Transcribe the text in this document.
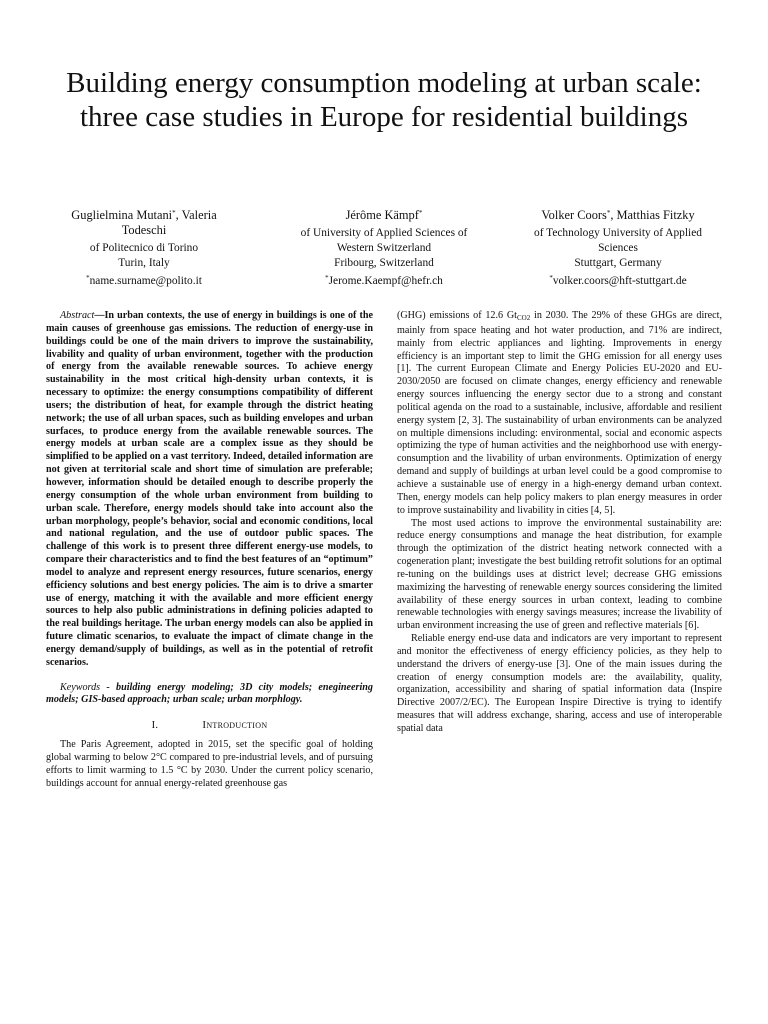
Building energy consumption modeling at urban scale: three case studies in Europe for residential buildings
Guglielmina Mutani*, Valeria Todeschi
of Politecnico di Torino
Turin, Italy
*name.surname@polito.it
Jérôme Kämpf*
of University of Applied Sciences of Western Switzerland
Fribourg, Switzerland
*Jerome.Kaempf@hefr.ch
Volker Coors*, Matthias Fitzky
of Technology University of Applied Sciences
Stuttgart, Germany
*volker.coors@hft-stuttgart.de

Abstract—In urban contexts, the use of energy in buildings is one of the main causes of greenhouse gas emissions. The reduction of energy-use in buildings could be one of the main drivers to improve the sustainability, livability and quality of urban environment, together with the production of energy from the available renewable sources. To achieve energy sustainability in the most critical high-density urban contexts, it is necessary to optimize: the energy consumptions compatibility of different users; the distribution of heat, for example through the district heating network; the use of all urban spaces, such as building envelopes and urban surfaces, to produce energy from the available renewable sources. The energy models at urban scale are a complex issue as they should be simplified to be applied on a vast territory. Indeed, detailed information are not given at territorial scale and short time of simulation are preferable; however, information should be detailed enough to describe properly the energy consumption of the whole urban environment from building to urban scale. Therefore, energy models should take into account also the urban morphology, people’s behavior, social and economic conditions, local and national regulation, and the use of outdoor public spaces. The challenge of this work is to present three different energy-use models, to compare their characteristics and to find the best features of an “optimum” model to analyze and represent energy resources, future scenarios, energy efficiency solutions and best energy policies. The aim is to drive a smarter use of energy, matching it with the available and more efficient energy sources to help also public administrations in defining policies adapted to the real buildings heritage. The urban energy models can also be applied in future climatic scenarios, to evaluate the impact of climate change in the energy demand/supply of buildings, as well as in the potential of retrofit scenarios.

Keywords - building energy modeling; 3D city models; enegineering models; GIS-based approach; urban scale; urban morphlogy.

I.	Introduction

The Paris Agreement, adopted in 2015, set the specific goal of holding global warming to below 2°C compared to pre-industrial levels, and of pursuing efforts to limit warming to 1.5 °C by 2030. Under the current policy scenario, buildings account for annual energy-related greenhouse gas

(GHG) emissions of 12.6 $Gt_{CO2}$ in 2030. The 29% of these GHGs are direct, mainly from space heating and hot water production, and 71% are indirect, mainly from electric appliances and lighting. Improvements in energy efficiency is an important step to limit the GHG emission for all energy uses [1]. The current European Climate and Energy Policies EU-2020 and EU-2030/2050 are focused on climate changes, energy efficiency and renewable energy sources influencing the energy sector due to a strong and constant political agenda on the road to a sustainable, inclusive, affordable and resilient energy system [2, 3]. The sustainability of urban environments can be analyzed on multiple dimensions including: environmental, social and economic aspects optimizing the type of human activities and the neighborhood use with energy-consumption and the livability of urban environments. Optimization of energy demand and supply of buildings at urban level could be a good compromise to achieve a sustainable use of energy in a high-energy demand urban context. Then, energy models can help policy makers to plan energy measures in order to improve sustainability and livability in cities [4, 5].

The most used actions to improve the environmental sustainability are: reduce energy consumptions and manage the heat distribution, for example through the optimization of the district heating network connected with a cogeneration plant; investigate the best building retrofit solutions for an optimal re-tuning on the buildings uses at district level; decrease GHG emissions maximizing the harvesting of renewable energy sources considering the limited availability of these energy sources in urban context, leading to combine renewable technologies with energy savings measures; increase the livability of urban environment increasing the use of green and reflective materials [6].

Reliable energy end-use data and indicators are very important to represent and monitor the effectiveness of energy efficiency policies, as they help to understand the drivers of energy-use [3]. One of the main issues during the creation of energy consumption models are: the availability, quality, organization, accessibility and sharing of spatial information data (Inspire Directive 2007/2/EC). The European Inspire Directive is trying to identify measures that will address exchange, sharing, access and use of interoperable spatial data
